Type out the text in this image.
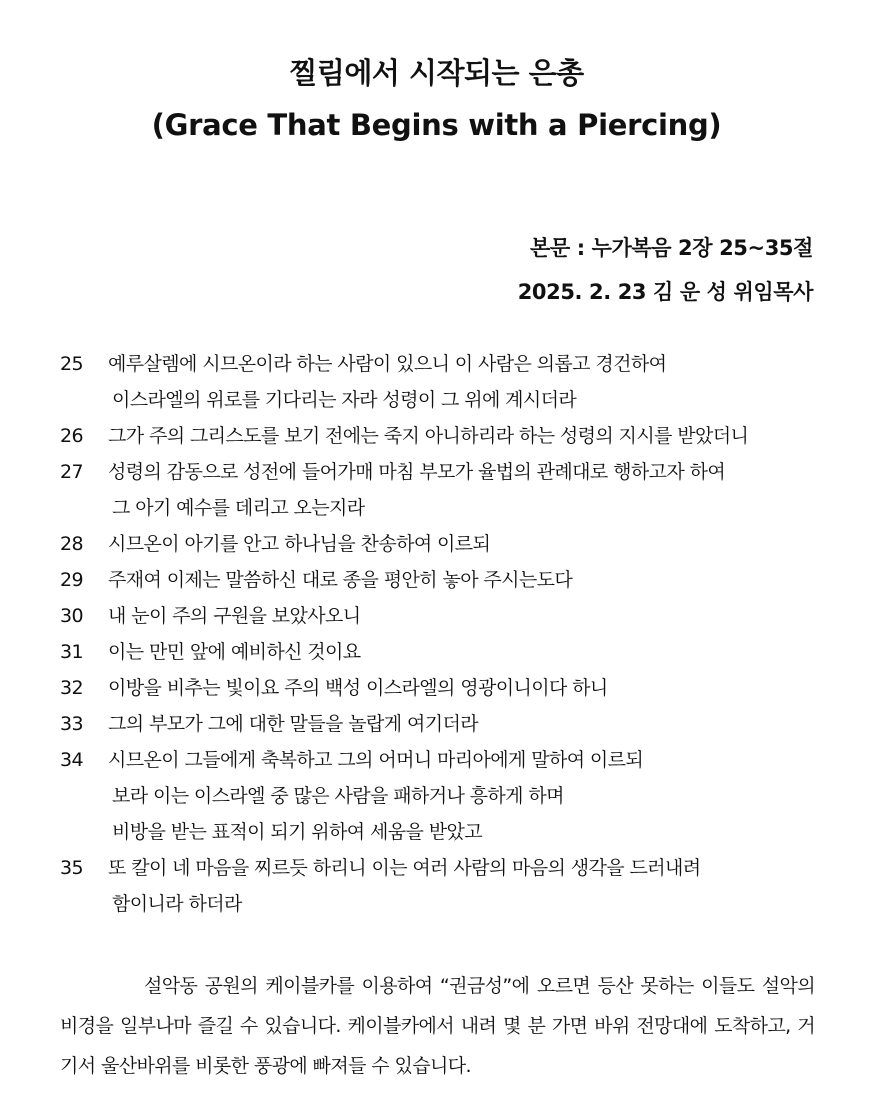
찔림에서 시작되는 은총
(Grace That Begins with a Piercing)
본문 : 누가복음 2장 25~35절
2025. 2. 23 김 운 성 위임목사
25	예루살렘에 시므온이라 하는 사람이 있으니 이 사람은 의롭고 경건하여
이스라엘의 위로를 기다리는 자라 성령이 그 위에 계시더라
26	그가 주의 그리스도를 보기 전에는 죽지 아니하리라 하는 성령의 지시를 받았더니
27	성령의 감동으로 성전에 들어가매 마침 부모가 율법의 관례대로 행하고자 하여
그 아기 예수를 데리고 오는지라
28	시므온이 아기를 안고 하나님을 찬송하여 이르되
29	주재여 이제는 말씀하신 대로 종을 평안히 놓아 주시는도다
30	내 눈이 주의 구원을 보았사오니
31	이는 만민 앞에 예비하신 것이요
32	이방을 비추는 빛이요 주의 백성 이스라엘의 영광이니이다 하니
33	그의 부모가 그에 대한 말들을 놀랍게 여기더라
34	시므온이 그들에게 축복하고 그의 어머니 마리아에게 말하여 이르되
보라 이는 이스라엘 중 많은 사람을 패하거나 흥하게 하며
비방을 받는 표적이 되기 위하여 세움을 받았고
35	또 칼이 네 마음을 찌르듯 하리니 이는 여러 사람의 마음의 생각을 드러내려
함이니라 하더라

설악동 공원의 케이블카를 이용하여 “권금성”에 오르면 등산 못하는 이들도 설악의 비경을 일부나마 즐길 수 있습니다. 케이블카에서 내려 몇 분 가면 바위 전망대에 도착하고, 거기서 울산바위를 비롯한 풍광에 빠져들 수 있습니다.
